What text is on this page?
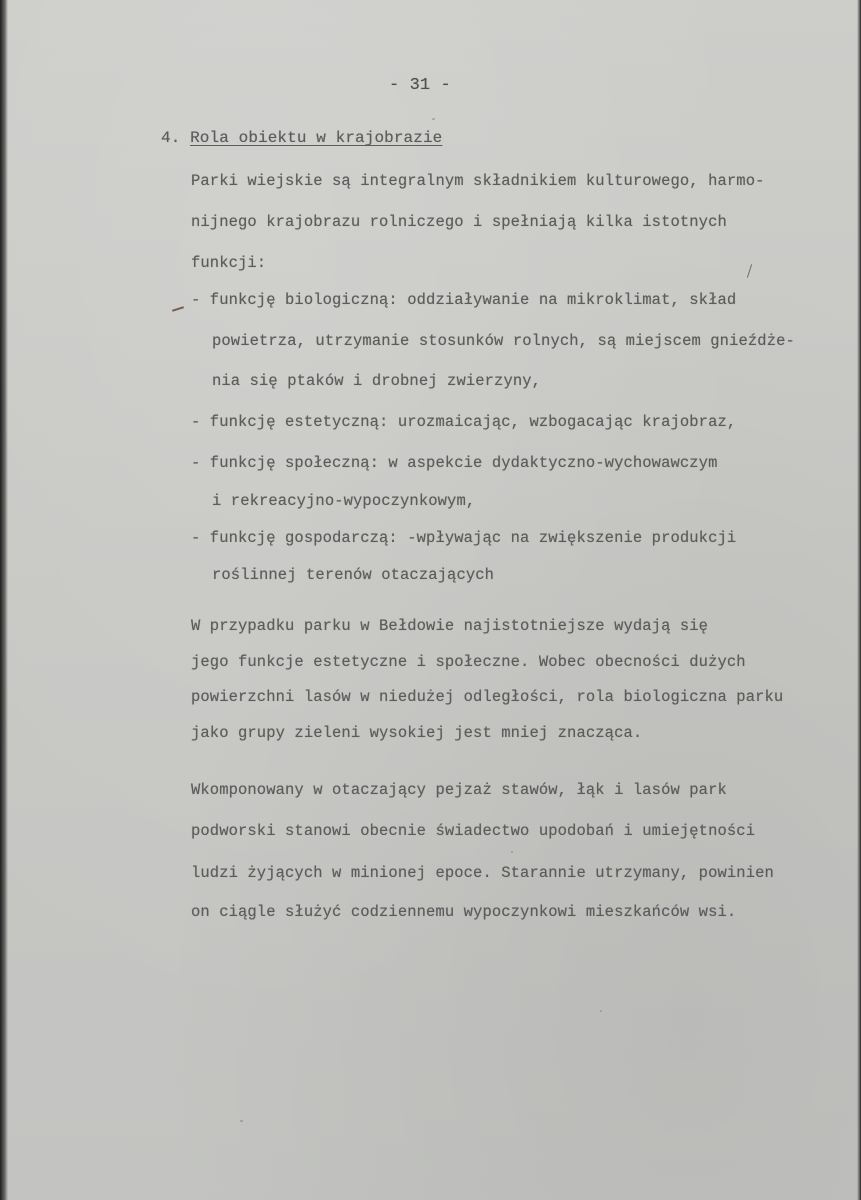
- 31 -
4. Rola obiektu w krajobrazie
Parki wiejskie są integralnym składnikiem kulturowego, harmo-
nijnego krajobrazu rolniczego i spełniają kilka istotnych
funkcji:
- funkcję biologiczną: oddziaływanie na mikroklimat, skład
powietrza, utrzymanie stosunków rolnych, są miejscem gnieźdże-
nia się ptaków i drobnej zwierzyny,
- funkcję estetyczną: urozmaicając, wzbogacając krajobraz,
- funkcję społeczną: w aspekcie dydaktyczno-wychowawczym
i rekreacyjno-wypoczynkowym,
- funkcję gospodarczą: -wpływając na zwiększenie produkcji
roślinnej terenów otaczających
W przypadku parku w Bełdowie najistotniejsze wydają się
jego funkcje estetyczne i społeczne. Wobec obecności dużych
powierzchni lasów w niedużej odległości, rola biologiczna parku
jako grupy zieleni wysokiej jest mniej znacząca.
Wkomponowany w otaczający pejzaż stawów, łąk i lasów park
podworski stanowi obecnie świadectwo upodobań i umiejętności
ludzi żyjących w minionej epoce. Starannie utrzymany, powinien
on ciągle służyć codziennemu wypoczynkowi mieszkańców wsi.
